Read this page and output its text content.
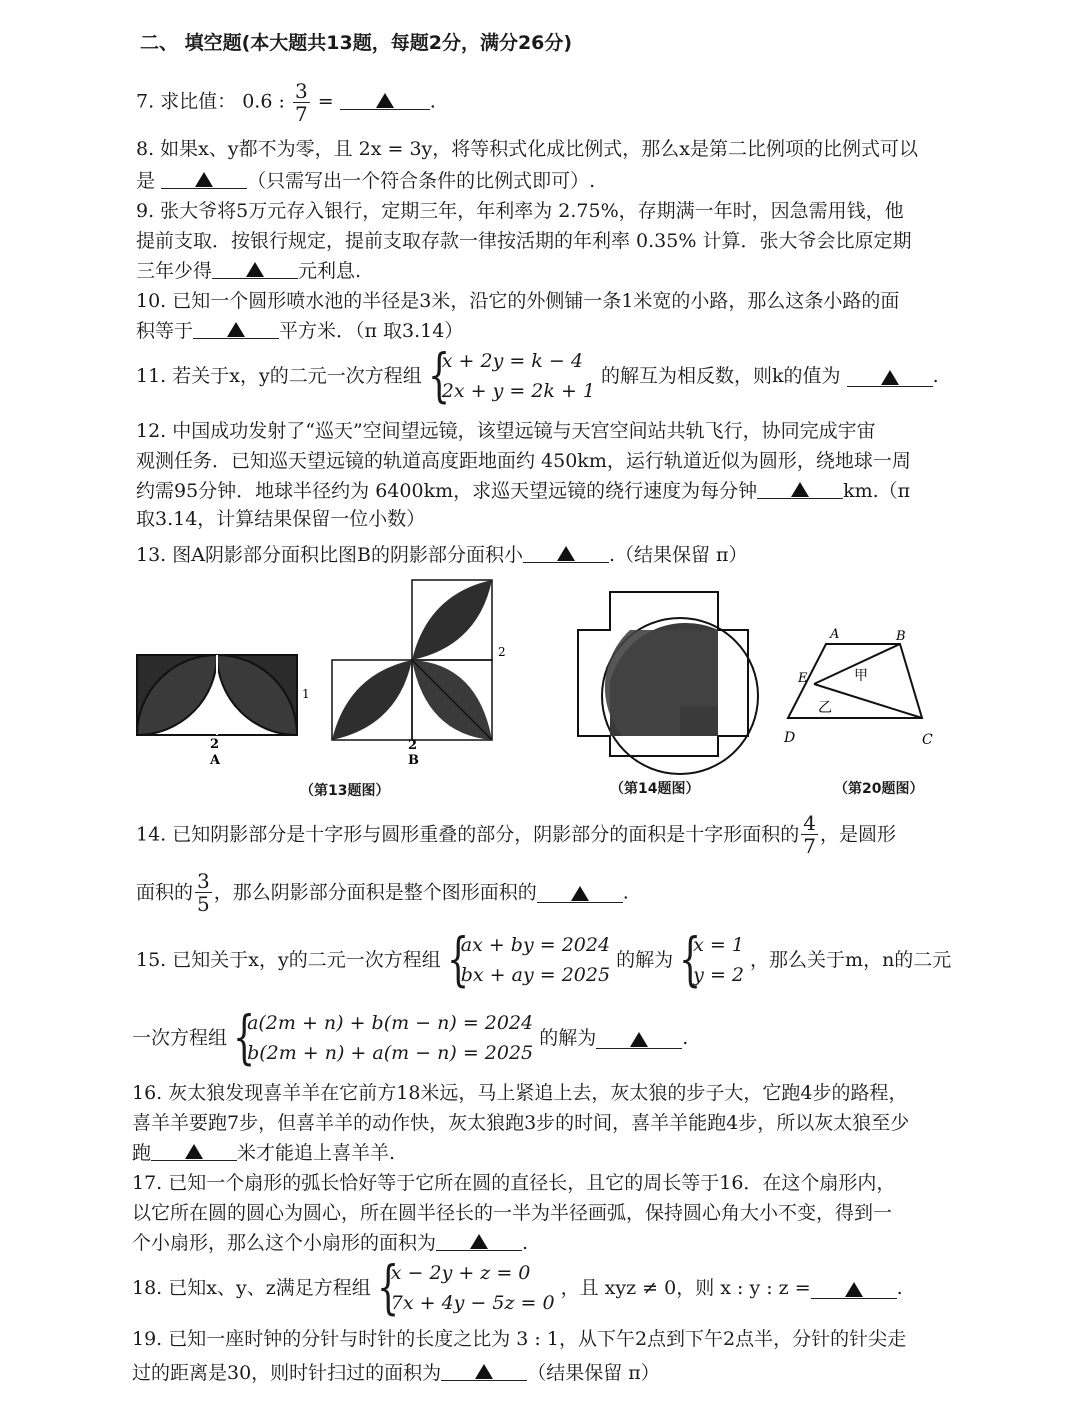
二、 填空题(本大题共13题，每题2分，满分26分)
7. 求比值： 0.6 : $\frac{3}{7}$ =	.
8. 如果x、y都不为零，且 2x = 3y，将等积式化成比例式，那么x是第二比例项的比例式可以
是	（只需写出一个符合条件的比例式即可）.
9. 张大爷将5万元存入银行，定期三年，年利率为 2.75%，存期满一年时，因急需用钱，他
提前支取．按银行规定，提前支取存款一律按活期的年利率 0.35% 计算．张大爷会比原定期
三年少得	元利息.
10. 已知一个圆形喷水池的半径是3米，沿它的外侧铺一条1米宽的小路，那么这条小路的面
积等于	平方米．（π 取3.14）
11. 若关于x，y的二元一次方程组 {
x + 2y = k − 4
2x + y = 2k + 1
的解互为相反数，则k的值为	.
12. 中国成功发射了“巡天”空间望远镜，该望远镜与天宫空间站共轨飞行，协同完成宇宙
观测任务．已知巡天望远镜的轨道高度距地面约 450km，运行轨道近似为圆形，绕地球一周
约需95分钟．地球半径约为 6400km，求巡天望远镜的绕行速度为每分钟	km.（π
取3.14，计算结果保留一位小数）
13. 图A阴影部分面积比图B的阴影部分面积小	.（结果保留 π）
1
2
A
2
2
B
A	B
C
D
E	甲
乙
（第13题图）	（第14题图）	（第20题图）
14. 已知阴影部分是十字形与圆形重叠的部分，阴影部分的面积是十字形面积的 $\frac{4}{7}$ ，是圆形
面积的 $\frac{3}{5}$ ，那么阴影部分面积是整个图形面积的	.
15. 已知关于x，y的二元一次方程组 {
ax + by = 2024
bx + ay = 2025
的解为 {
x = 1
y = 2
，那么关于m，n的二元
一次方程组 {
a(2m + n) + b(m − n) = 2024
b(2m + n) + a(m − n) = 2025
的解为	.
16. 灰太狼发现喜羊羊在它前方18米远，马上紧追上去，灰太狼的步子大，它跑4步的路程，
喜羊羊要跑7步，但喜羊羊的动作快，灰太狼跑3步的时间，喜羊羊能跑4步，所以灰太狼至少
跑	米才能追上喜羊羊.
17. 已知一个扇形的弧长恰好等于它所在圆的直径长，且它的周长等于16．在这个扇形内，
以它所在圆的圆心为圆心，所在圆半径长的一半为半径画弧，保持圆心角大小不变，得到一
个小扇形，那么这个小扇形的面积为	.
18. 已知x、y、z满足方程组 {
x − 2y + z = 0
7x + 4y − 5z = 0
，且 xyz ≠ 0，则 x : y : z =	.
19. 已知一座时钟的分针与时针的长度之比为 3 : 1，从下午2点到下午2点半，分针的针尖走
过的距离是30，则时针扫过的面积为	（结果保留 π）
